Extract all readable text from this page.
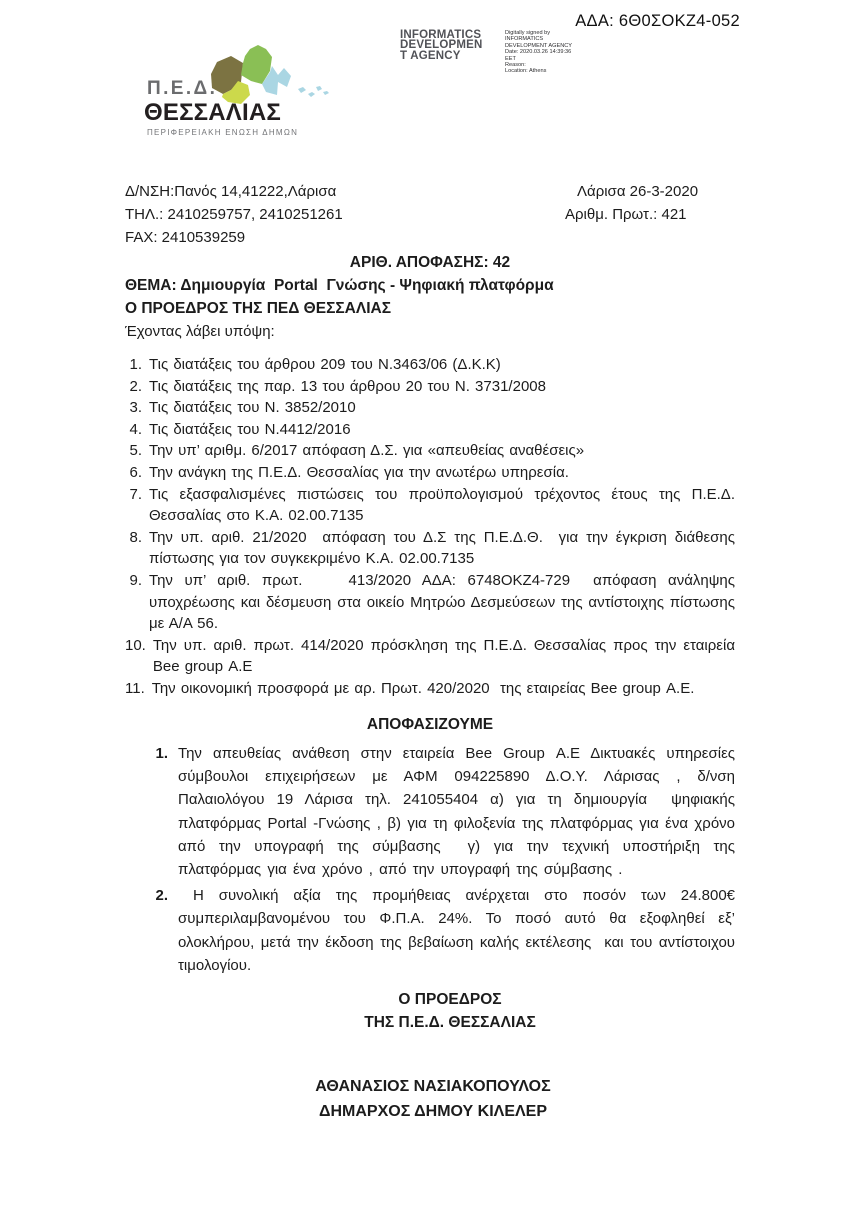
ΑΔΑ: 6Θ0ΣΟΚΖ4-052
INFORMATICS
DEVELOPMEN
T AGENCY
Digitally signed by
INFORMATICS
DEVELOPMENT AGENCY
Date: 2020.03.26 14:39:36
EET
Reason:
Location: Athens
Π.Ε.Δ.
ΘΕΣΣΑΛΙΑΣ
ΠΕΡΙΦΕΡΕΙΑΚΗ ΕΝΩΣΗ ΔΗΜΩΝ
Δ/ΝΣΗ:Πανός 14,41222,Λάρισα
ΤΗΛ.: 2410259757, 2410251261
FAX: 2410539259
Λάρισα 26-3-2020
Αριθμ. Πρωτ.: 421
ΑΡΙΘ. ΑΠΟΦΑΣΗΣ: 42
ΘΕΜΑ: Δημιουργία  Portal  Γνώσης - Ψηφιακή πλατφόρμα
Ο ΠΡΟΕΔΡΟΣ ΤΗΣ ΠΕΔ ΘΕΣΣΑΛΙΑΣ
Έχοντας λάβει υπόψη:
1. Τις διατάξεις του άρθρου 209 του Ν.3463/06 (Δ.Κ.Κ)
2. Τις διατάξεις της παρ. 13 του άρθρου 20 του Ν. 3731/2008
3. Τις διατάξεις του Ν. 3852/2010
4. Τις διατάξεις του Ν.4412/2016
5. Την υπ’ αριθμ. 6/2017 απόφαση Δ.Σ. για «απευθείας αναθέσεις»
6. Την ανάγκη της Π.Ε.Δ. Θεσσαλίας για την ανωτέρω υπηρεσία.
7. Τις εξασφαλισμένες πιστώσεις του προϋπολογισμού τρέχοντος έτους της Π.Ε.Δ. Θεσσαλίας στο Κ.Α. 02.00.7135
8. Την υπ. αριθ. 21/2020  απόφαση του Δ.Σ της Π.Ε.Δ.Θ.  για την έγκριση διάθεσης πίστωσης για τον συγκεκριμένο Κ.Α. 02.00.7135
9. Την υπ’ αριθ. πρωτ.    413/2020 ΑΔΑ: 6748ΟΚΖ4-729  απόφαση ανάληψης υποχρέωσης και δέσμευση στα οικείο Μητρώο Δεσμεύσεων της αντίστοιχης πίστωσης με Α/Α 56.
10. Την υπ. αριθ. πρωτ. 414/2020 πρόσκληση της Π.Ε.Δ. Θεσσαλίας προς την εταιρεία Bee group Α.Ε
11. Την οικονομική προσφορά με αρ. Πρωτ. 420/2020  της εταιρείας Bee group Α.Ε.
ΑΠΟΦΑΣΙΖΟΥΜΕ
1. Την απευθείας ανάθεση στην εταιρεία Bee Group Α.Ε Δικτυακές υπηρεσίες σύμβουλοι επιχειρήσεων με ΑΦΜ 094225890 Δ.Ο.Υ. Λάρισας , δ/νση Παλαιολόγου 19 Λάρισα τηλ. 241055404 α) για τη δημιουργία  ψηφιακής πλατφόρμας Portal -Γνώσης , β) για τη φιλοξενία της πλατφόρμας για ένα χρόνο από την υπογραφή της σύμβασης  γ) για την τεχνική υποστήριξη της πλατφόρμας για ένα χρόνο , από την υπογραφή της σύμβασης .
2. Η συνολική αξία της προμήθειας ανέρχεται στο ποσόν των 24.800€ συμπεριλαμβανομένου του Φ.Π.Α. 24%. Το ποσό αυτό θα εξοφληθεί εξ’ ολοκλήρου, μετά την έκδοση της βεβαίωση καλής εκτέλεσης  και του αντίστοιχου τιμολογίου.
Ο ΠΡΟΕΔΡΟΣ
ΤΗΣ Π.Ε.Δ. ΘΕΣΣΑΛΙΑΣ
ΑΘΑΝΑΣΙΟΣ ΝΑΣΙΑΚΟΠΟΥΛΟΣ
ΔΗΜΑΡΧΟΣ ΔΗΜΟΥ ΚΙΛΕΛΕΡ
